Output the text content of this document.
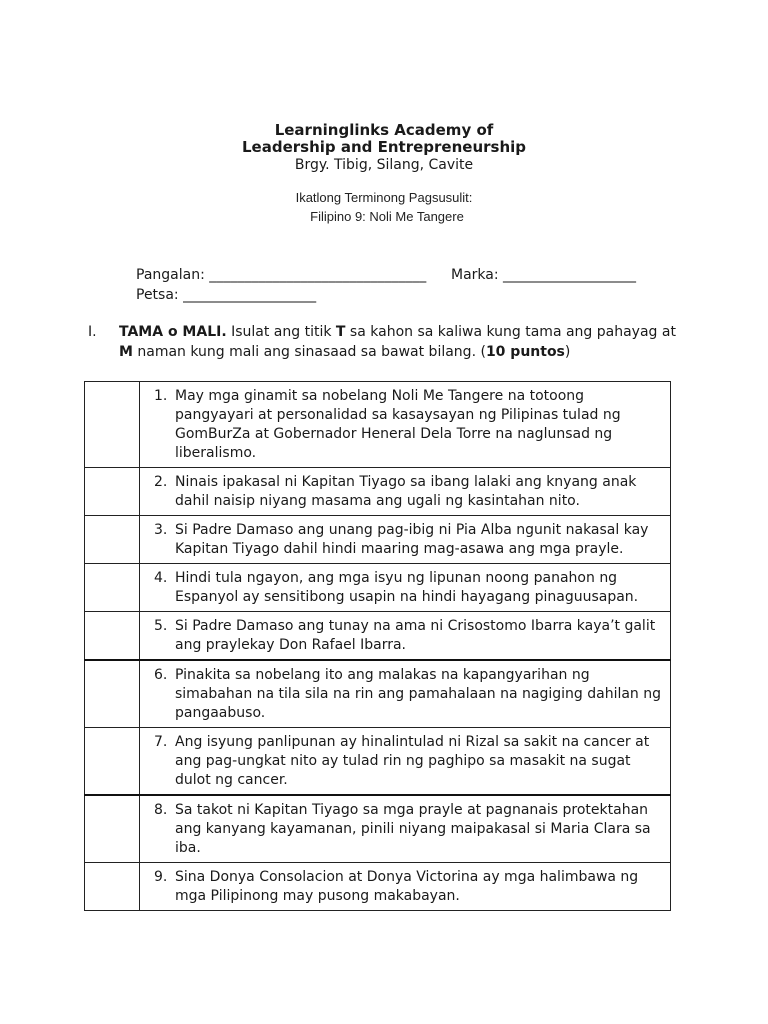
Learninglinks Academy of
Leadership and Entrepreneurship
Brgy. Tibig, Silang, Cavite
Ikatlong Terminong Pagsusulit:
Filipino 9: Noli Me Tangere
Pangalan: _______________________________ Marka: ___________________
Petsa: ___________________
I. TAMA o MALI. Isulat ang titik T sa kahon sa kaliwa kung tama ang pahayag at
M naman kung mali ang sinasaad sa bawat bilang. (10 puntos)

	1. May mga ginamit sa nobelang Noli Me Tangere na totoong pangyayari at personalidad sa kasaysayan ng Pilipinas tulad ng GomBurZa at Gobernador Heneral Dela Torre na naglunsad ng liberalismo.

	2. Ninais ipakasal ni Kapitan Tiyago sa ibang lalaki ang knyang anak dahil naisip niyang masama ang ugali ng kasintahan nito.

	3. Si Padre Damaso ang unang pag-ibig ni Pia Alba ngunit nakasal kay Kapitan Tiyago dahil hindi maaring mag-asawa ang mga prayle.

	4. Hindi tula ngayon, ang mga isyu ng lipunan noong panahon ng Espanyol ay sensitibong usapin na hindi hayagang pinaguusapan.

	5. Si Padre Damaso ang tunay na ama ni Crisostomo Ibarra kaya’t galit ang praylekay Don Rafael Ibarra.

	6. Pinakita sa nobelang ito ang malakas na kapangyarihan ng simabahan na tila sila na rin ang pamahalaan na nagiging dahilan ng pangaabuso.

	7. Ang isyung panlipunan ay hinalintulad ni Rizal sa sakit na cancer at ang pag-ungkat nito ay tulad rin ng paghipo sa masakit na sugat dulot ng cancer.

	8. Sa takot ni Kapitan Tiyago sa mga prayle at pagnanais protektahan ang kanyang kayamanan, pinili niyang maipakasal si Maria Clara sa iba.

	9. Sina Donya Consolacion at Donya Victorina ay mga halimbawa ng mga Pilipinong may pusong makabayan.
